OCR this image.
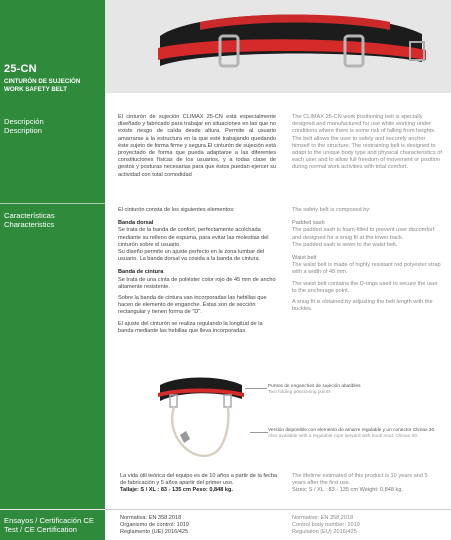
25-CN
CINTURÓN DE SUJECIÓN
WORK SAFETY BELT
Descripción
Description
El cinturón de sujeción CLIMAX 25-CN está especialmente diseñado y fabricado para trabajar en situaciones en las que no existe riesgo de caída desde altura. Permite al usuario amarrarse a la estructura en la que esté trabajando quedando éste sujeto de forma firme y segura.El cinturón de sujeción está proyectado de forma que pueda adaptarse a las diferentes constituciones físicas de los usuarios, y a todas clase de gestos y posturas necesarias para que éstos puedan ejercer su actividad con total comodidad
The CLIMAX 25-CN work positioning belt is specially designed and manufactured for use while working under conditions where there is some risk of falling from heights. The belt allows the user to safely and securely anchor himself to the structure. The restraining belt is designed to adapt to the unique body type and physical characteristics of each user and to allow full freedom of movement or position during normal work activities with total comfort.
Características
Characteristics
El cinturón consta de los siguientes elementos:
Banda dorsal
Se trata de la banda de confort, perfectamente acolchada mediante su relleno de espuma, para evitar las molestias del cinturón sobre el usuario.
Su diseño permite un ajuste perfecto en la zona lumbar del usuario. La banda dorsal va cosida a la banda de cintura.
Banda de cintura
Se trata de una cinta de poliéster color rojo de 45 mm de ancho altamente resistente.
Sobre la banda de cintura van incorporadas las hebillas que hacen de elemento de enganche. Éstas son de sección rectangular y tienen forma de "D".
El ajuste del cinturón se realiza regulando la longitud de la banda mediante las hebillas que lleva incorporadas.
The safety belt is composed by:
Padded sash
The padded sash is foam-filled to prevent user discomfort and designed for a snug fit at the lower back.
The padded sash is sewn to the waist belt.
Waist belt
The waist belt is made of highly resistant red polyester strap with a width of 45 mm.
The waist belt contains the D-rings used to secure the user to the anchorage point.
A snug fit is obtained by adjusting the belt length with the buckles.
Puntos de enganches de sujeción abatibles
Two folding positioning points
Versión disponible con elemento de amarre regulable y un conector Climax 30.
Also available with a regulable rope lanyard with hook mod. Climax 30.
La vida útil teórica del equipo es de 10 años a partir de la fecha de fabricación y 5 años apartir del primer uso.
Tallaje: S / XL : 83 - 135 cm Peso: 0,848 kg.
The lifetime estimated of this product is 10 years and 5 years after the first use.
Sizes: S / XL : 83 - 135 cm Weight: 0,848 kg.
Ensayos / Certificación CE
Test / CE Certification
Normativa: EN 358:2018
Organismo de control: 1019
Reglamento (UE) 2016/425
Normative: EN 358:2018
Control body number: 1019
Regulation (EU) 2016/425
